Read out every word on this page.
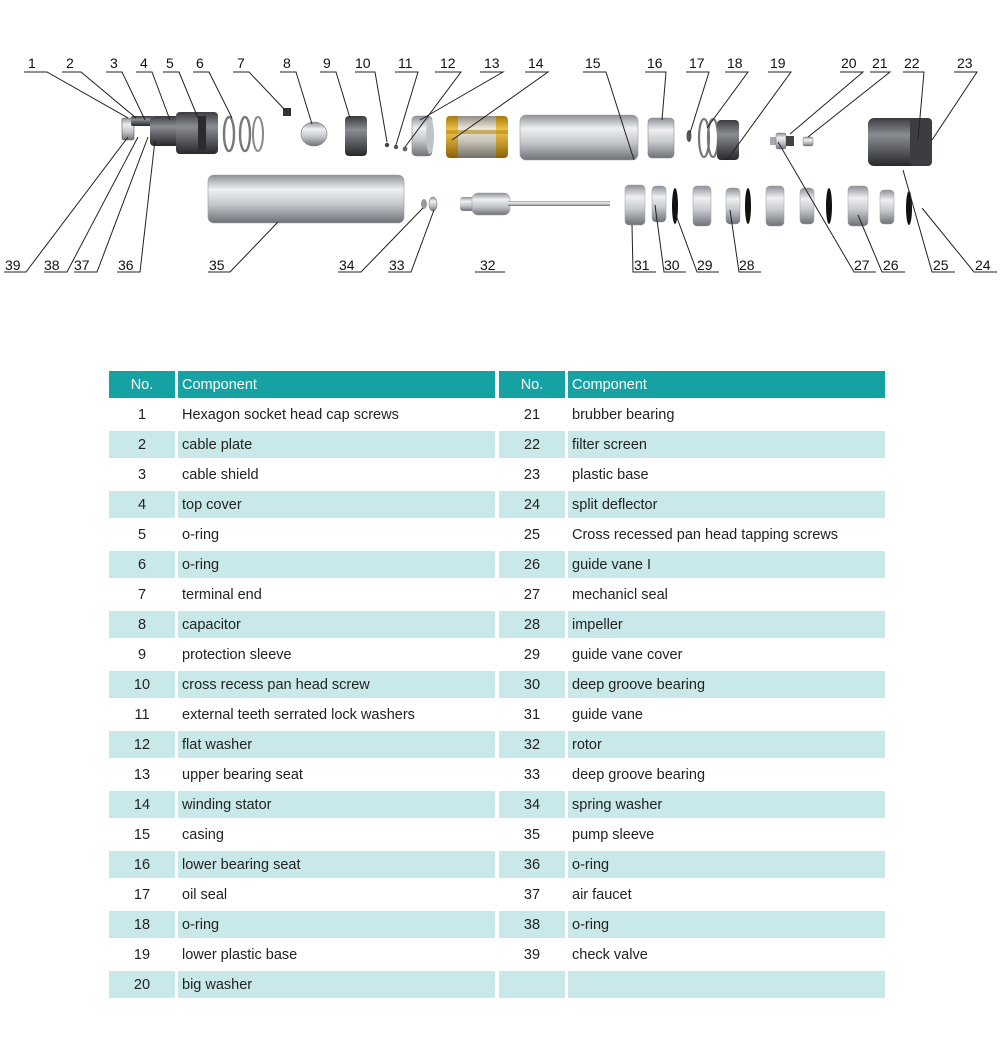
1 2	3 4 5 6 7	8 9 10 11 12 13 14	15	16 17 18 19	20 21 22	23
39 38 37 36	35	34 33	32	31 30 29 28	27 26 25 24
No.	Component
1	Hexagon socket head cap screws
2	cable plate
3	cable shield
4	top cover
5	o-ring
6	o-ring
7	terminal end
8	capacitor
9	protection sleeve
10	cross recess pan head screw
11	external teeth serrated lock washers
12	flat washer
13	upper bearing seat
14	winding stator
15	casing
16	lower bearing seat
17	oil seal
18	o-ring
19	lower plastic base
20	big washer
No.	Component
21	brubber bearing
22	filter screen
23	plastic base
24	split deflector
25	Cross recessed pan head tapping screws
26	guide vane I
27	mechanicl seal
28	impeller
29	guide vane cover
30	deep groove bearing
31	guide vane
32	rotor
33	deep groove bearing
34	spring washer
35	pump sleeve
36	o-ring
37	air faucet
38	o-ring
39	check valve
